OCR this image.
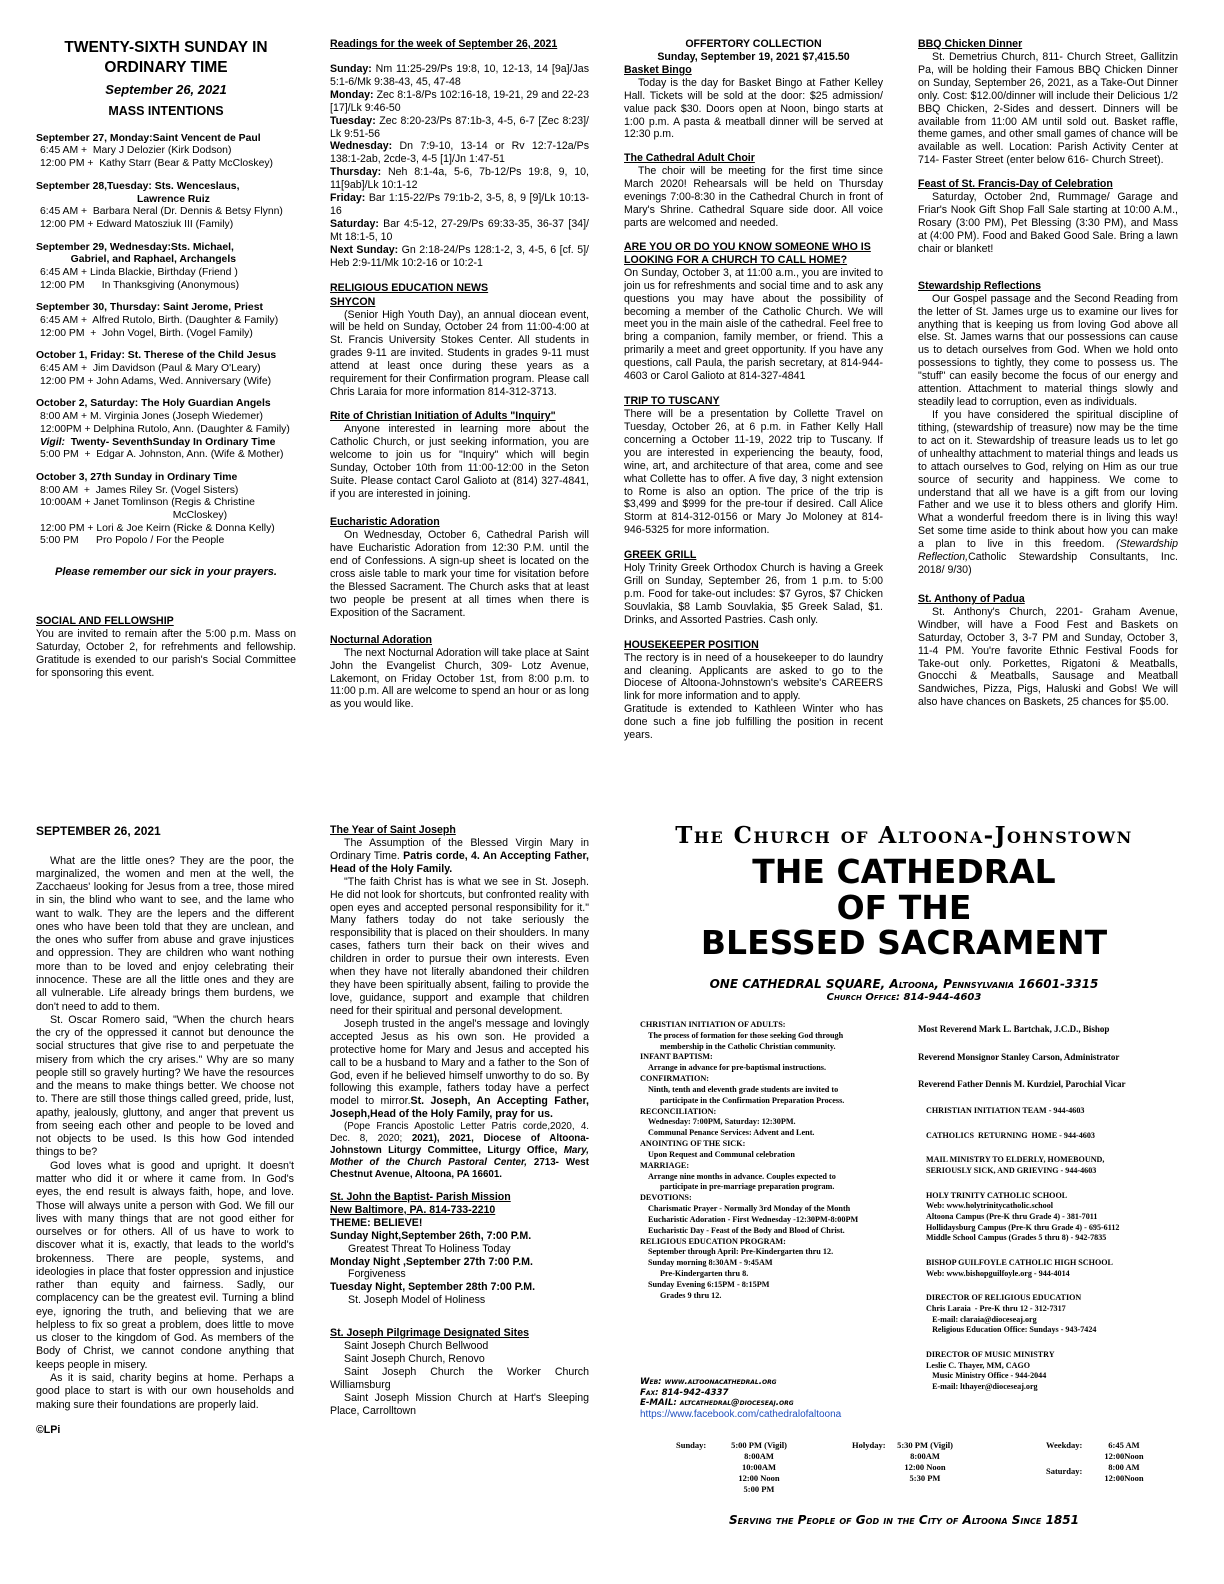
TWENTY-SIXTH SUNDAY IN
ORDINARY TIME
September 26, 2021
MASS INTENTIONS
September 27, Monday:Saint Vencent de Paul
6:45 AM +  Mary J Delozier (Kirk Dodson)
12:00 PM +  Kathy Starr (Bear & Patty McCloskey)
September 28,Tuesday: Sts. Wenceslaus,
Lawrence Ruiz
6:45 AM +  Barbara Neral (Dr. Dennis & Betsy Flynn)
12:00 PM + Edward Matosziuk III (Family)
September 29, Wednesday:Sts. Michael,
Gabriel, and Raphael, Archangels
6:45 AM + Linda Blackie, Birthday (Friend )
12:00 PM      In Thanksgiving (Anonymous)
September 30, Thursday: Saint Jerome, Priest
6:45 AM +  Alfred Rutolo, Birth. (Daughter & Family)
12:00 PM  +  John Vogel, Birth. (Vogel Family)
October 1, Friday: St. Therese of the Child Jesus
6:45 AM +  Jim Davidson (Paul & Mary O'Leary)
12:00 PM + John Adams, Wed. Anniversary (Wife)
October 2, Saturday: The Holy Guardian Angels
8:00 AM + M. Virginia Jones (Joseph Wiedemer)
12:00PM + Delphina Rutolo, Ann. (Daughter & Family)
Vigil:  Twenty- SeventhSunday In Ordinary Time
5:00 PM  +  Edgar A. Johnston, Ann. (Wife & Mother)
October 3, 27th Sunday in Ordinary Time
8:00 AM  +  James Riley Sr. (Vogel Sisters)
10:00AM + Janet Tomlinson (Regis & Christine
McCloskey)
12:00 PM + Lori & Joe Keirn (Ricke & Donna Kelly)
5:00 PM      Pro Popolo / For the People
Please remember our sick in your prayers.
SOCIAL AND FELLOWSHIP

You are invited to remain after the 5:00 p.m. Mass on Saturday, October 2, for refrehments and fellowship. Gratitude is exended to our parish's Social Committee for sponsoring this event.

Readings for the week of September 26, 2021

Sunday: Nm 11:25-29/Ps 19:8, 10, 12-13, 14 [9a]/Jas 5:1-6/Mk 9:38-43, 45, 47-48

Monday: Zec 8:1-8/Ps 102:16-18, 19-21, 29 and 22-23 [17]/Lk 9:46-50

Tuesday: Zec 8:20-23/Ps 87:1b-3, 4-5, 6-7 [Zec 8:23]/ Lk 9:51-56

Wednesday: Dn 7:9-10, 13-14 or Rv 12:7-12a/Ps 138:1-2ab, 2cde-3, 4-5 [1]/Jn 1:47-51

Thursday: Neh 8:1-4a, 5-6, 7b-12/Ps 19:8, 9, 10, 11[9ab]/Lk 10:1-12

Friday: Bar 1:15-22/Ps 79:1b-2, 3-5, 8, 9 [9]/Lk 10:13-16

Saturday: Bar 4:5-12, 27-29/Ps 69:33-35, 36-37 [34]/ Mt 18:1-5, 10

Next Sunday: Gn 2:18-24/Ps 128:1-2, 3, 4-5, 6 [cf. 5]/ Heb 2:9-11/Mk 10:2-16 or 10:2-1

RELIGIOUS EDUCATION NEWS
SHYCON

(Senior High Youth Day), an annual diocean event, will be held on Sunday, October 24 from 11:00-4:00 at St. Francis University Stokes Center. All students in grades 9-11 are invited. Students in grades 9-11 must attend at least once during these years as a requirement for their Confirmation program. Please call Chris Laraia for more information 814-312-3713.

Rite of Christian Initiation of Adults "Inquiry"

Anyone interested in learning more about the Catholic Church, or just seeking information, you are welcome to join us for "Inquiry" which will begin Sunday, October 10th from 11:00-12:00 in the Seton Suite. Please contact Carol Galioto at (814) 327-4841, if you are interested in joining.

Eucharistic Adoration

On Wednesday, October 6, Cathedral Parish will have Eucharistic Adoration from 12:30 P.M. until the end of Confessions. A sign-up sheet is located on the cross aisle table to mark your time for visitation before the Blessed Sacrament. The Church asks that at least two people be present at all times when there is Exposition of the Sacrament.

Nocturnal Adoration

The next Nocturnal Adoration will take place at Saint John the Evangelist Church, 309- Lotz Avenue, Lakemont, on Friday October 1st, from 8:00 p.m. to 11:00 p.m. All are welcome to spend an hour or as long as you would like.

OFFERTORY COLLECTION
Sunday, September 19, 2021 $7,415.50
Basket Bingo

Today is the day for Basket Bingo at Father Kelley Hall. Tickets will be sold at the door: $25 admission/ value pack $30. Doors open at Noon, bingo starts at 1:00 p.m. A pasta & meatball dinner will be served at 12:30 p.m.

The Cathedral Adult Choir

The choir will be meeting for the first time since March 2020! Rehearsals will be held on Thursday evenings 7:00-8:30 in the Cathedral Church in front of Mary's Shrine. Cathedral Square side door. All voice parts are welcomed and needed.

ARE YOU OR DO YOU KNOW SOMEONE WHO IS LOOKING FOR A CHURCH TO CALL HOME?

On Sunday, October 3, at 11:00 a.m., you are invited to join us for refreshments and social time and to ask any questions you may have about the possibility of becoming a member of the Catholic Church. We will meet you in the main aisle of the cathedral. Feel free to bring a companion, family member, or friend. This a primarily a meet and greet opportunity. If you have any questions, call Paula, the parish secretary, at 814-944-4603 or Carol Galioto at 814-327-4841

TRIP TO TUSCANY

There will be a presentation by Collette Travel on Tuesday, October 26, at 6 p.m. in Father Kelly Hall concerning a October 11-19, 2022 trip to Tuscany. If you are interested in experiencing the beauty, food, wine, art, and architecture of that area, come and see what Collette has to offer. A five day, 3 night extension to Rome is also an option. The price of the trip is $3,499 and $999 for the pre-tour if desired. Call Alice Storm at 814-312-0156 or Mary Jo Moloney at 814-946-5325 for more information.

GREEK GRILL

Holy Trinity Greek Orthodox Church is having a Greek Grill on Sunday, September 26, from 1 p.m. to 5:00 p.m. Food for take-out includes: $7 Gyros, $7 Chicken Souvlakia, $8 Lamb Souvlakia, $5 Greek Salad, $1. Drinks, and Assorted Pastries. Cash only.

HOUSEKEEPER POSITION

The rectory is in need of a housekeeper to do laundry and cleaning. Applicants are asked to go to the Diocese of Altoona-Johnstown's website's CAREERS link for more information and to apply.

Gratitude is extended to Kathleen Winter who has done such a fine job fulfilling the position in recent years.

BBQ Chicken Dinner

St. Demetrius Church, 811- Church Street, Gallitzin Pa, will be holding their Famous BBQ Chicken Dinner on Sunday, September 26, 2021, as a Take-Out Dinner only. Cost: $12.00/dinner will include their Delicious 1/2 BBQ Chicken, 2-Sides and dessert. Dinners will be available from 11:00 AM until sold out. Basket raffle, theme games, and other small games of chance will be available as well. Location: Parish Activity Center at 714- Faster Street (enter below 616- Church Street).

Feast of St. Francis-Day of Celebration

Saturday, October 2nd, Rummage/ Garage and Friar's Nook Gift Shop Fall Sale starting at 10:00 A.M., Rosary (3:00 PM), Pet Blessing (3:30 PM), and Mass at (4:00 PM). Food and Baked Good Sale. Bring a lawn chair or blanket!

Stewardship Reflections

Our Gospel passage and the Second Reading from the letter of St. James urge us to examine our lives for anything that is keeping us from loving God above all else. St. James warns that our possessions can cause us to detach ourselves from God. When we hold onto possessions to tightly, they come to possess us. The "stuff" can easily become the focus of our energy and attention. Attachment to material things slowly and steadily lead to corruption, even as individuals.

If you have considered the spiritual discipline of tithing, (stewardship of treasure) now may be the time to act on it. Stewardship of treasure leads us to let go of unhealthy attachment to material things and leads us to attach ourselves to God, relying on Him as our true source of security and happiness. We come to understand that all we have is a gift from our loving Father and we use it to bless others and glorify Him. What a wonderful freedom there is in living this way! Set some time aside to think about how you can make a plan to live in this freedom. (Stewardship Reflection,Catholic Stewardship Consultants, Inc. 2018/ 9/30)

St. Anthony of Padua

St. Anthony's Church, 2201- Graham Avenue, Windber, will have a Food Fest and Baskets on Saturday, October 3, 3-7 PM and Sunday, October 3, 11-4 PM. You're favorite Ethnic Festival Foods for Take-out only. Porkettes, Rigatoni & Meatballs, Gnocchi & Meatballs, Sausage and Meatball Sandwiches, Pizza, Pigs, Haluski and Gobs! We will also have chances on Baskets, 25 chances for $5.00.

SEPTEMBER 26, 2021

What are the little ones? They are the poor, the marginalized, the women and men at the well, the Zacchaeus' looking for Jesus from a tree, those mired in sin, the blind who want to see, and the lame who want to walk. They are the lepers and the different ones who have been told that they are unclean, and the ones who suffer from abuse and grave injustices and oppression. They are children who want nothing more than to be loved and enjoy celebrating their innocence. These are all the little ones and they are all vulnerable. Life already brings them burdens, we don't need to add to them.

St. Oscar Romero said, "When the church hears the cry of the oppressed it cannot but denounce the social structures that give rise to and perpetuate the misery from which the cry arises." Why are so many people still so gravely hurting? We have the resources and the means to make things better. We choose not to. There are still those things called greed, pride, lust, apathy, jealously, gluttony, and anger that prevent us from seeing each other and people to be loved and not objects to be used. Is this how God intended things to be?

God loves what is good and upright. It doesn't matter who did it or where it came from. In God's eyes, the end result is always faith, hope, and love. Those will always unite a person with God. We fill our lives with many things that are not good either for ourselves or for others. All of us have to work to discover what it is, exactly, that leads to the world's brokenness. There are people, systems, and ideologies in place that foster oppression and injustice rather than equity and fairness. Sadly, our complacency can be the greatest evil. Turning a blind eye, ignoring the truth, and believing that we are helpless to fix so great a problem, does little to move us closer to the kingdom of God. As members of the Body of Christ, we cannot condone anything that keeps people in misery.

As it is said, charity begins at home. Perhaps a good place to start is with our own households and making sure their foundations are properly laid.

©LPi
The Year of Saint Joseph

The Assumption of the Blessed Virgin Mary in Ordinary Time. Patris corde, 4. An Accepting Father, Head of the Holy Family.

"The faith Christ has is what we see in St. Joseph. He did not look for shortcuts, but confronted reality with open eyes and accepted personal responsibility for it." Many fathers today do not take seriously the responsibility that is placed on their shoulders. In many cases, fathers turn their back on their wives and children in order to pursue their own interests. Even when they have not literally abandoned their children they have been spiritually absent, failing to provide the love, guidance, support and example that children need for their spiritual and personal development.

Joseph trusted in the angel's message and lovingly accepted Jesus as his own son. He provided a protective home for Mary and Jesus and accepted his call to be a husband to Mary and a father to the Son of God, even if he believed himself unworthy to do so. By following this example, fathers today have a perfect model to mirror.St. Joseph, An Accepting Father, Joseph,Head of the Holy Family, pray for us.

(Pope Francis Apostolic Letter Patris corde,2020, 4. Dec. 8, 2020; 2021), 2021, Diocese of Altoona-Johnstown Liturgy Committee, Liturgy Office, Mary, Mother of the Church Pastoral Center, 2713- West Chestnut Avenue, Altoona, PA 16601.

St. John the Baptist- Parish Mission
New Baltimore, PA. 814-733-2210
THEME: BELIEVE!
Sunday Night,September 26th, 7:00 P.M.
Greatest Threat To Holiness Today
Monday Night ,September 27th 7:00 P.M.
Forgiveness
Tuesday Night, September 28th 7:00 P.M.
St. Joseph Model of Holiness
St. Joseph Pilgrimage Designated Sites

Saint Joseph Church Bellwood

Saint Joseph Church, Renovo

Saint Joseph Church the Worker Church Williamsburg

Saint Joseph Mission Church at Hart's Sleeping Place, Carrolltown

The Church of Altoona-Johnstown
THE CATHEDRAL
OF THE
BLESSED SACRAMENT
ONE CATHEDRAL SQUARE, Altoona, Pennsylvania 16601-3315
Church Office: 814-944-4603

CHRISTIAN INITIATION OF ADULTS:

The process of formation for those seeking God through

membership in the Catholic Christian community.

INFANT BAPTISM:

Arrange in advance for pre-baptismal instructions.

CONFIRMATION:

Ninth, tenth and eleventh grade students are invited to

participate in the Confirmation Preparation Process.

RECONCILIATION:

Wednesday: 7:00PM, Saturday: 12:30PM.

Communal Penance Services: Advent and Lent.

ANOINTING OF THE SICK:

Upon Request and Communal celebration

MARRIAGE:

Arrange nine months in advance. Couples expected to

participate in pre-marriage preparation program.

DEVOTIONS:

Charismatic Prayer - Normally 3rd Monday of the Month

Eucharistic Adoration - First Wednesday -12:30PM-8:00PM

Eucharistic Day - Feast of the Body and Blood of Christ.

RELIGIOUS EDUCATION PROGRAM:

September through April: Pre-Kindergarten thru 12.

Sunday morning 8:30AM - 9:45AM

Pre-Kindergarten thru 8.

Sunday Evening 6:15PM - 8:15PM

Grades 9 thru 12.

Web: www.altoonacathedral.org
Fax: 814-942-4337
E-MAIL: altcathedral@dioceseaj.org
https://www.facebook.com/cathedralofaltoona

Most Reverend Mark L. Bartchak, J.C.D., Bishop

Reverend Monsignor Stanley Carson, Administrator

Reverend Father Dennis M. Kurdziel, Parochial Vicar

CHRISTIAN INITIATION TEAM - 944-4603
CATHOLICS  RETURNING  HOME - 944-4603
MAIL MINISTRY TO ELDERLY, HOMEBOUND,
SERIOUSLY SICK, AND GRIEVING - 944-4603
HOLY TRINITY CATHOLIC SCHOOL
Web: www.holytrinitycatholic.school
Altoona Campus (Pre-K thru Grade 4) - 381-7011
Hollidaysburg Campus (Pre-K thru Grade 4) - 695-6112
Middle School Campus (Grades 5 thru 8) - 942-7835
BISHOP GUILFOYLE CATHOLIC HIGH SCHOOL
Web: www.bishopguilfoyle.org - 944-4014
DIRECTOR OF RELIGIOUS EDUCATION
Chris Laraia  - Pre-K thru 12 - 312-7317
E-mail: claraia@dioceseaj.org
Religious Education Office: Sundays - 943-7424
DIRECTOR OF MUSIC MINISTRY
Leslie C. Thayer, MM, CAGO
Music Ministry Office - 944-2044
E-mail: lthayer@dioceseaj.org
Sunday:	5:00 PM (Vigil)
8:00AM
10:00AM
12:00 Noon
5:00 PM
Holyday:	5:30 PM (Vigil)
8:00AM
12:00 Noon
5:30 PM
Weekday:	6:45 AM
12:00Noon
Saturday:	8:00 AM
12:00Noon
Serving the People of God in the City of Altoona Since 1851
